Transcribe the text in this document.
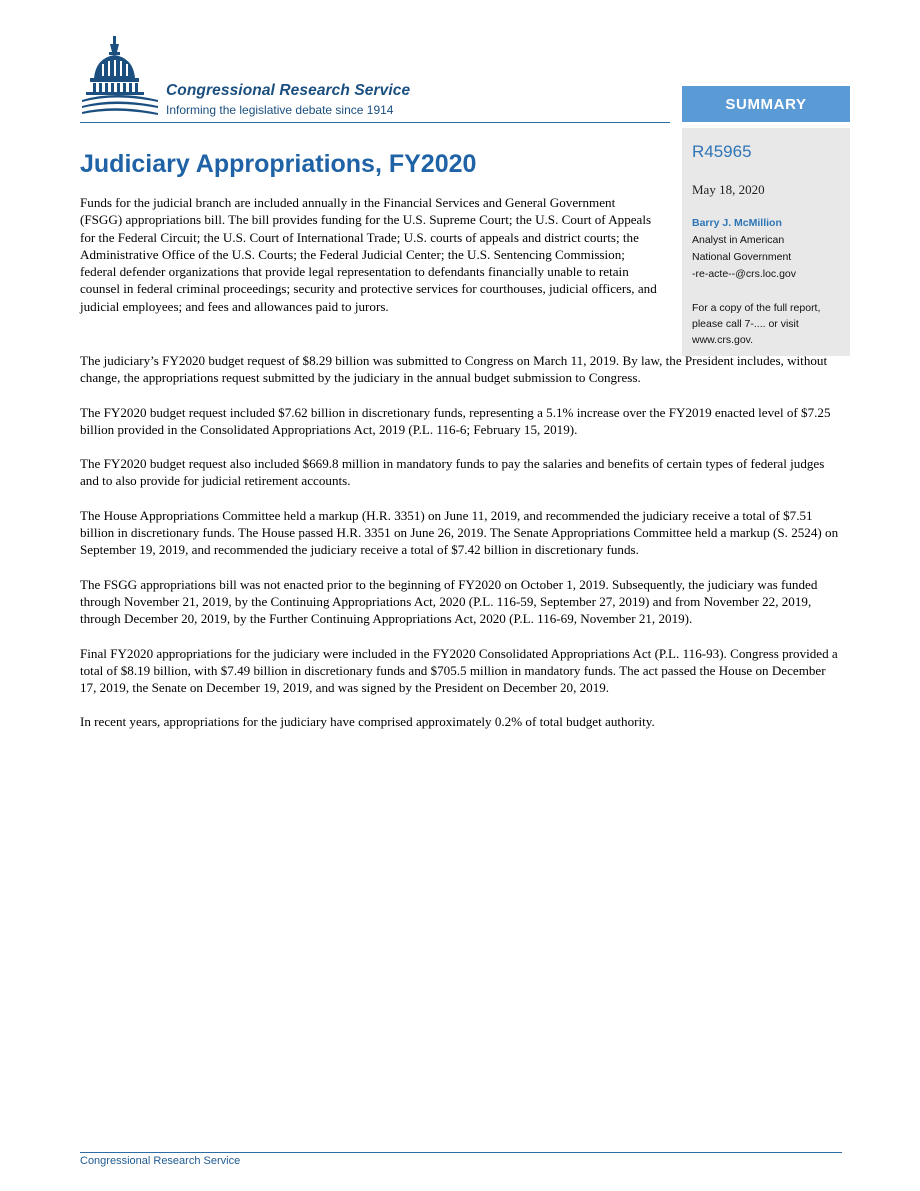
Congressional Research Service
Informing the legislative debate since 1914	SUMMARY
R45965
May 18, 2020
Barry J. McMillion
Analyst in American
National Government
-re-acte--@crs.loc.gov
For a copy of the full report,
please call 7-.... or visit
www.crs.gov.
Judiciary Appropriations, FY2020
Funds for the judicial branch are included annually in the Financial Services and General Government (FSGG) appropriations bill. The bill provides funding for the U.S. Supreme Court; the U.S. Court of Appeals for the Federal Circuit; the U.S. Court of International Trade; U.S. courts of appeals and district courts; the Administrative Office of the U.S. Courts; the Federal Judicial Center; the U.S. Sentencing Commission; federal defender organizations that provide legal representation to defendants financially unable to retain counsel in federal criminal proceedings; security and protective services for courthouses, judicial officers, and judicial employees; and fees and allowances paid to jurors.

The judiciary’s FY2020 budget request of $8.29 billion was submitted to Congress on March 11, 2019. By law, the President includes, without change, the appropriations request submitted by the judiciary in the annual budget submission to Congress.

The FY2020 budget request included $7.62 billion in discretionary funds, representing a 5.1% increase over the FY2019 enacted level of $7.25 billion provided in the Consolidated Appropriations Act, 2019 (P.L. 116-6; February 15, 2019).

The FY2020 budget request also included $669.8 million in mandatory funds to pay the salaries and benefits of certain types of federal judges and to also provide for judicial retirement accounts.

The House Appropriations Committee held a markup (H.R. 3351) on June 11, 2019, and recommended the judiciary receive a total of $7.51 billion in discretionary funds. The House passed H.R. 3351 on June 26, 2019. The Senate Appropriations Committee held a markup (S. 2524) on September 19, 2019, and recommended the judiciary receive a total of $7.42 billion in discretionary funds.

The FSGG appropriations bill was not enacted prior to the beginning of FY2020 on October 1, 2019. Subsequently, the judiciary was funded through November 21, 2019, by the Continuing Appropriations Act, 2020 (P.L. 116-59, September 27, 2019) and from November 22, 2019, through December 20, 2019, by the Further Continuing Appropriations Act, 2020 (P.L. 116-69, November 21, 2019).

Final FY2020 appropriations for the judiciary were included in the FY2020 Consolidated Appropriations Act (P.L. 116-93). Congress provided a total of $8.19 billion, with $7.49 billion in discretionary funds and $705.5 million in mandatory funds. The act passed the House on December 17, 2019, the Senate on December 19, 2019, and was signed by the President on December 20, 2019.

In recent years, appropriations for the judiciary have comprised approximately 0.2% of total budget authority.

Congressional Research Service
